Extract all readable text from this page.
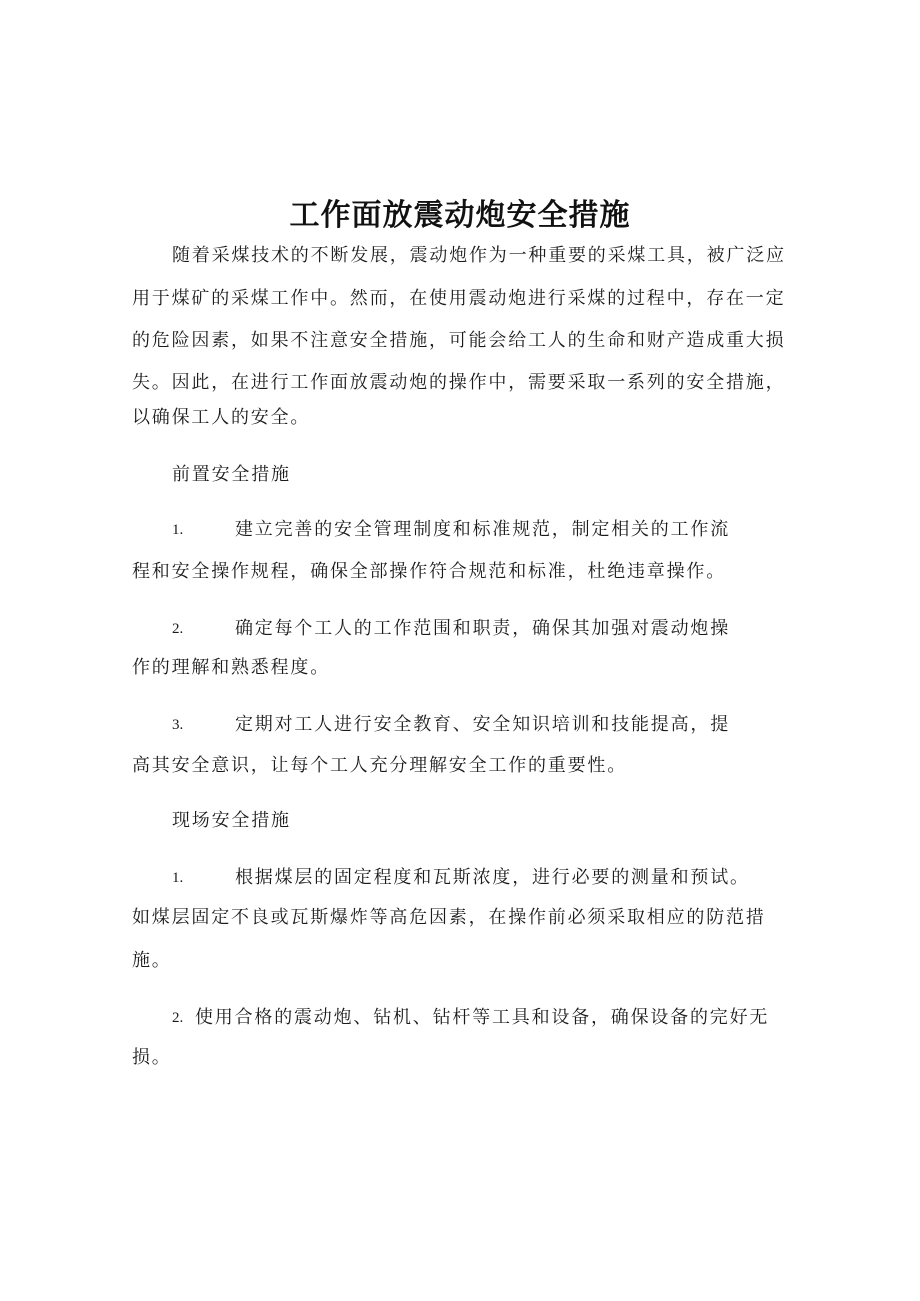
工作面放震动炮安全措施
随着采煤技术的不断发展，震动炮作为一种重要的采煤工具，被广泛应
用于煤矿的采煤工作中。然而，在使用震动炮进行采煤的过程中，存在一定
的危险因素，如果不注意安全措施，可能会给工人的生命和财产造成重大损
失。因此，在进行工作面放震动炮的操作中，需要采取一系列的安全措施，
以确保工人的安全。
前置安全措施
1.	建立完善的安全管理制度和标准规范，制定相关的工作流
程和安全操作规程，确保全部操作符合规范和标准，杜绝违章操作。
2.	确定每个工人的工作范围和职责，确保其加强对震动炮操
作的理解和熟悉程度。
3.	定期对工人进行安全教育、安全知识培训和技能提高，提
高其安全意识，让每个工人充分理解安全工作的重要性。
现场安全措施
1.	根据煤层的固定程度和瓦斯浓度，进行必要的测量和预试。
如煤层固定不良或瓦斯爆炸等高危因素，在操作前必须采取相应的防范措
施。
2. 使用合格的震动炮、钻机、钻杆等工具和设备，确保设备的完好无
损。
